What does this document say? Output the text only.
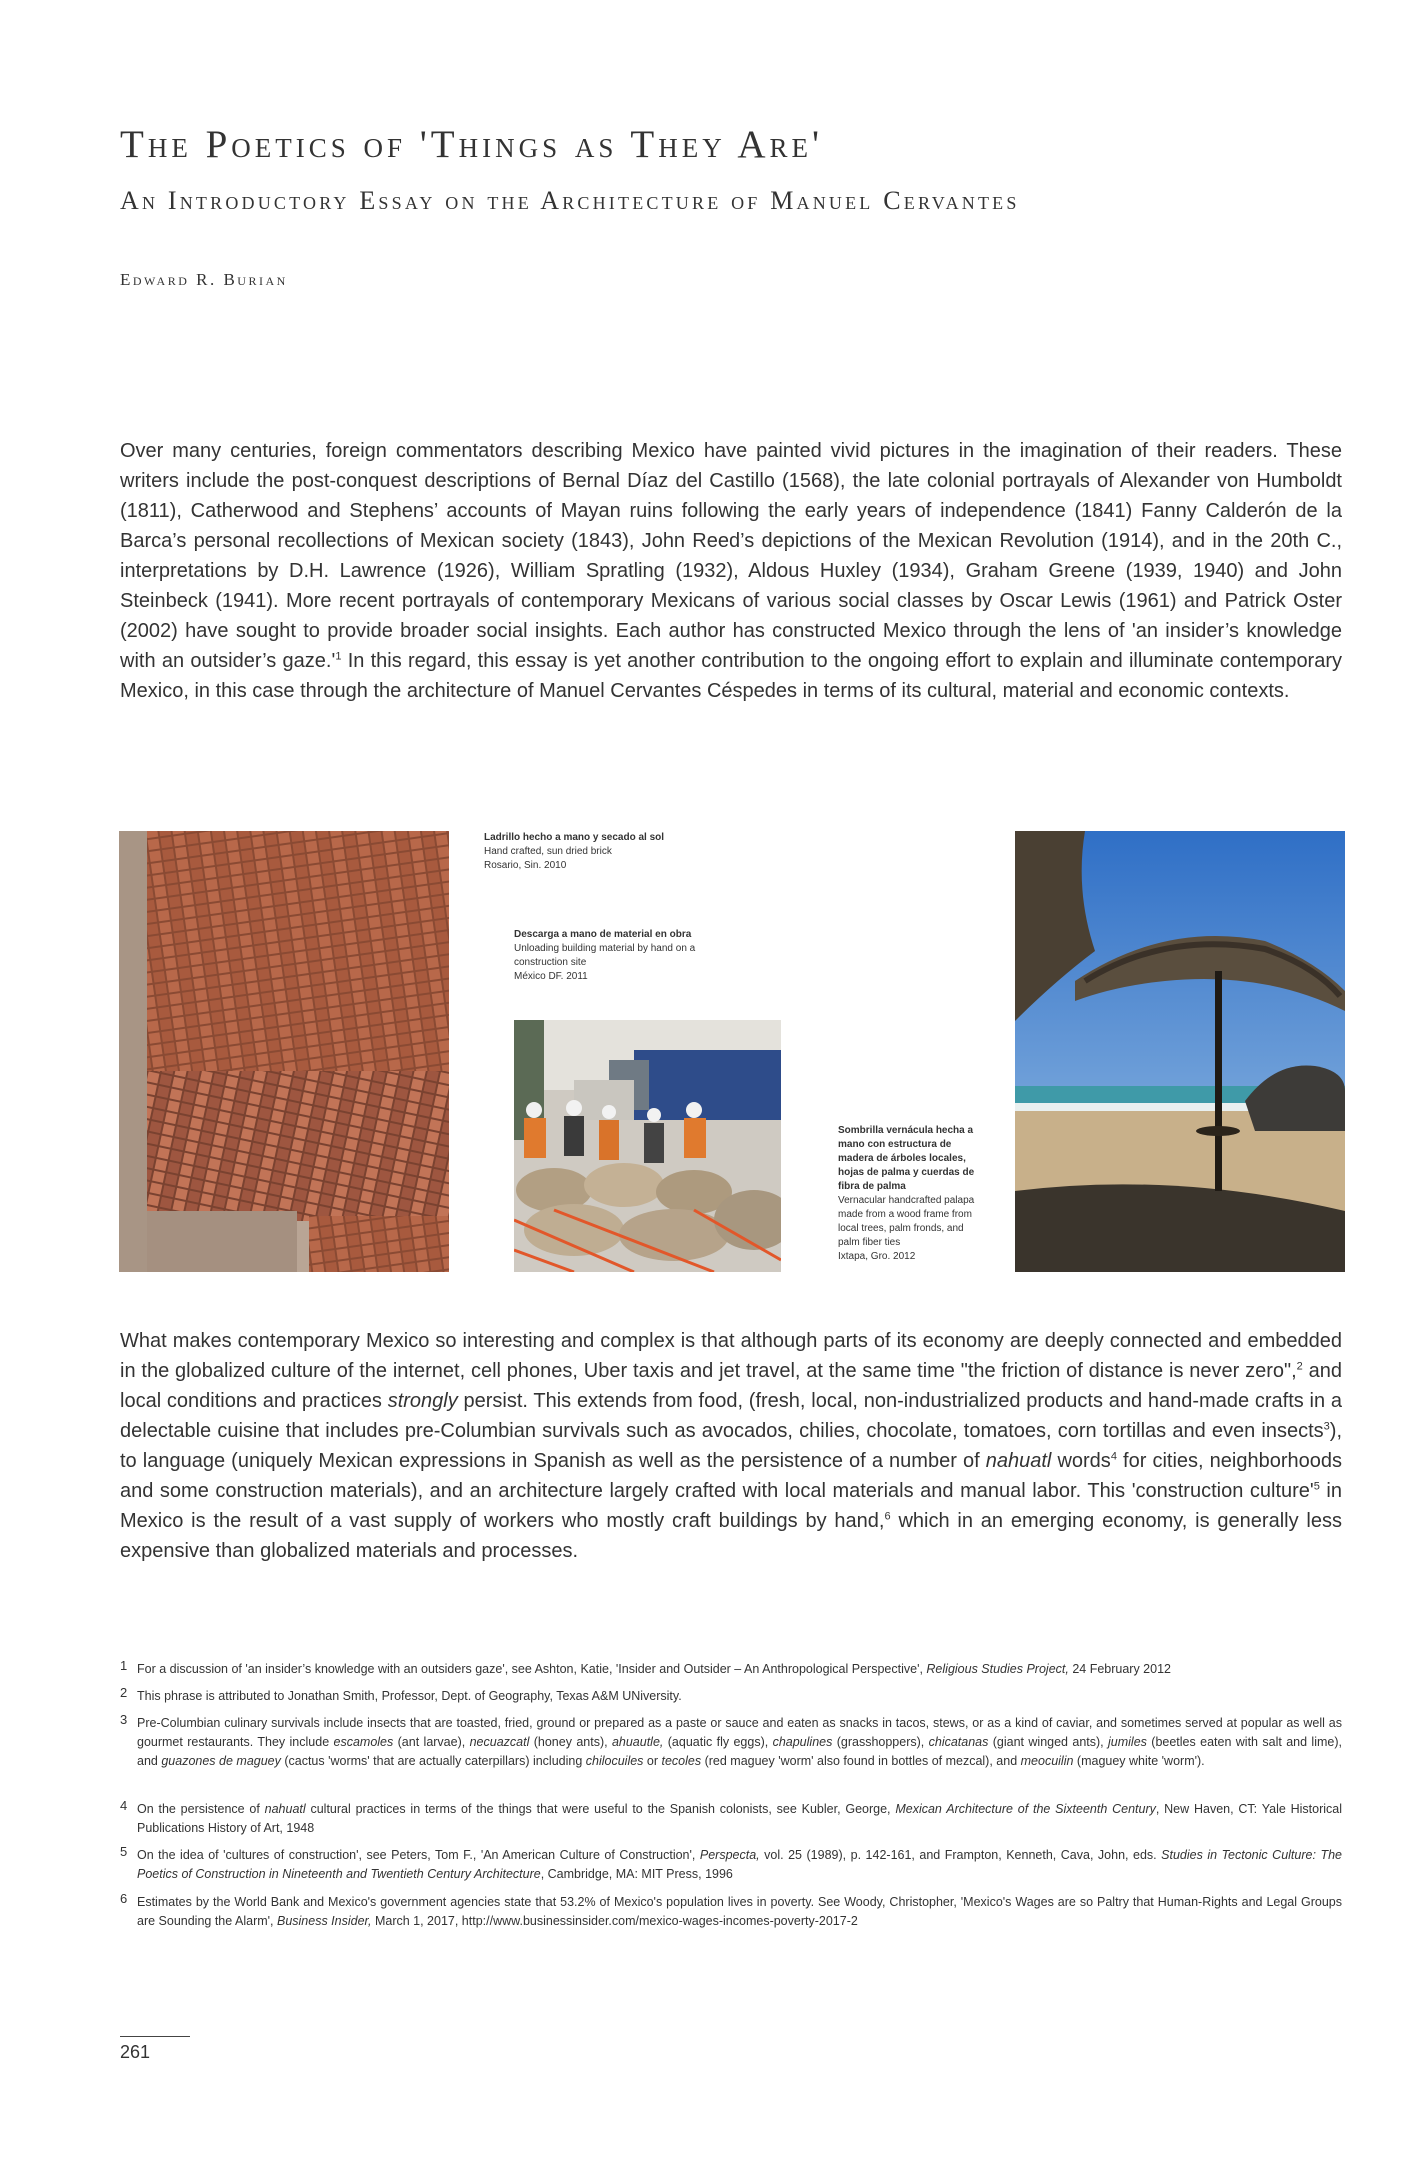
The Poetics of 'Things as They Are'
An Introductory Essay on the Architecture of Manuel Cervantes
Edward R. Burian
Over many centuries, foreign commentators describing Mexico have painted vivid pictures in the imagination of their readers. These writers include the post-conquest descriptions of Bernal Díaz del Castillo (1568), the late colonial portrayals of Alexander von Humboldt (1811), Catherwood and Stephens’ accounts of Mayan ruins following the early years of independence (1841) Fanny Calderón de la Barca’s personal recollections of Mexican society (1843), John Reed’s depictions of the Mexican Revolution (1914), and in the 20th C., interpretations by D.H. Lawrence (1926), William Spratling (1932), Aldous Huxley (1934), Graham Greene (1939, 1940) and John Steinbeck (1941). More recent portrayals of contemporary Mexicans of various social classes by Oscar Lewis (1961) and Patrick Oster (2002) have sought to provide broader social insights. Each author has constructed Mexico through the lens of 'an insider’s knowledge with an outsider’s $gaze.'^1$ In this regard, this essay is yet another contribution to the ongoing effort to explain and illuminate contemporary Mexico, in this case through the architecture of Manuel Cervantes Céspedes in terms of its cultural, material and economic contexts.
Ladrillo hecho a mano y secado al sol
Hand crafted, sun dried brick
Rosario, Sin. 2010
Descarga a mano de material en obra
Unloading building material by hand on a
construction site
México DF. 2011
Sombrilla vernácula hecha a
mano con estructura de
madera de árboles locales,
hojas de palma y cuerdas de
fibra de palma
Vernacular handcrafted palapa
made from a wood frame from
local trees, palm fronds, and
palm fiber ties
Ixtapa, Gro. 2012
What makes contemporary Mexico so interesting and complex is that although parts of its economy are deeply connected and embedded in the globalized culture of the internet, cell phones, Uber taxis and jet travel, at the same time "the friction of distance is never zero",$^2$ and local conditions and practices strongly persist. This extends from food, (fresh, local, non-industrialized products and hand-made crafts in a delectable cuisine that includes pre-Columbian survivals such as avocados, chilies, chocolate, tomatoes, corn tortillas and even insects$^3$), to language (uniquely Mexican expressions in Spanish as well as the persistence of a number of nahuatl words$^4$ for cities, neighborhoods and some construction materials), and an architecture largely crafted with local materials and manual labor. This 'construction $culture'^5$ in Mexico is the result of a vast supply of workers who mostly craft buildings by hand,$^6$ which in an emerging economy, is generally less expensive than globalized materials and processes.
1 For a discussion of 'an insider’s knowledge with an outsiders gaze', see Ashton, Katie, 'Insider and Outsider – An Anthropological Perspective', Religious Studies Project, 24 February 2012
2 This phrase is attributed to Jonathan Smith, Professor, Dept. of Geography, Texas A&M UNiversity.
3 Pre-Columbian culinary survivals include insects that are toasted, fried, ground or prepared as a paste or sauce and eaten as snacks in tacos, stews, or as a kind of caviar, and sometimes served at popular as well as gourmet restaurants. They include escamoles (ant larvae), necuazcatl (honey ants), ahuautle, (aquatic fly eggs), chapulines (grasshoppers), chicatanas (giant winged ants), jumiles (beetles eaten with salt and lime), and guazones de maguey (cactus 'worms' that are actually caterpillars) including chilocuiles or tecoles (red maguey 'worm' also found in bottles of mezcal), and meocuilin (maguey white 'worm').
4 On the persistence of nahuatl cultural practices in terms of the things that were useful to the Spanish colonists, see Kubler, George, Mexican Architecture of the Sixteenth Century, New Haven, CT: Yale Historical Publications History of Art, 1948
5 On the idea of 'cultures of construction', see Peters, Tom F., 'An American Culture of Construction', Perspecta, vol. 25 (1989), p. 142-161, and Frampton, Kenneth, Cava, John, eds. Studies in Tectonic Culture: The Poetics of Construction in Nineteenth and Twentieth Century Architecture, Cambridge, MA: MIT Press, 1996
6 Estimates by the World Bank and Mexico's government agencies state that 53.2% of Mexico's population lives in poverty. See Woody, Christopher, 'Mexico's Wages are so Paltry that Human-Rights and Legal Groups are Sounding the Alarm', Business Insider, March 1, 2017, http://www.businessinsider.com/mexico-wages-incomes-poverty-2017-2
261
